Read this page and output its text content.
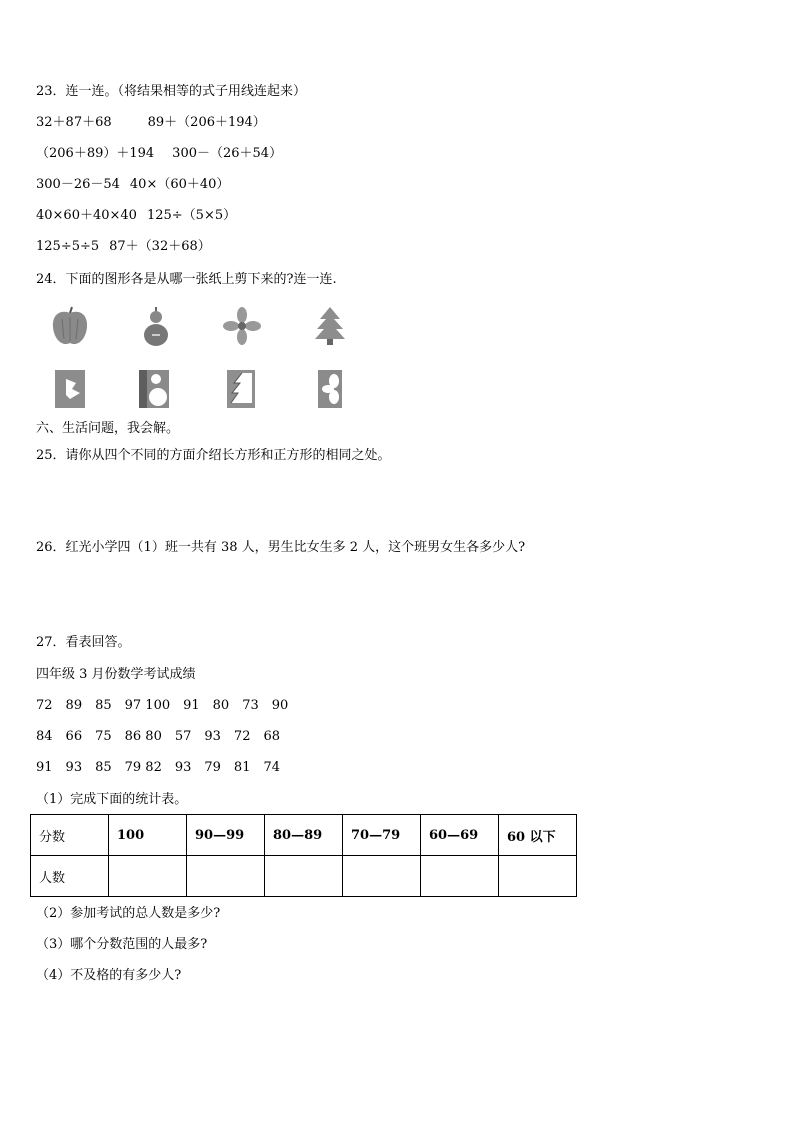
23．连一连。（将结果相等的式子用线连起来）
32＋87＋68	89＋（206＋194）
（206＋89）＋194 300－（26＋54）
300－26－54 40×（60＋40）
40×60＋40×40 125÷（5×5）
125÷5÷5 87＋（32＋68）
24．下面的图形各是从哪一张纸上剪下来的?连一连.
六、生活问题，我会解。
25．请你从四个不同的方面介绍长方形和正方形的相同之处。
26．红光小学四（1）班一共有 38 人，男生比女生多 2 人，这个班男女生各多少人?
27．看表回答。
四年级 3 月份数学考试成绩
72　89　85　97 100　91　80　73　90
84　66　75　86 80　57　93　72　68
91　93　85　79 82　93　79　81　74
（1）完成下面的统计表。
分数	100	90—99	80—89	70—79	60—69	60 以下
人数						
（2）参加考试的总人数是多少?
（3）哪个分数范围的人最多?
（4）不及格的有多少人?
